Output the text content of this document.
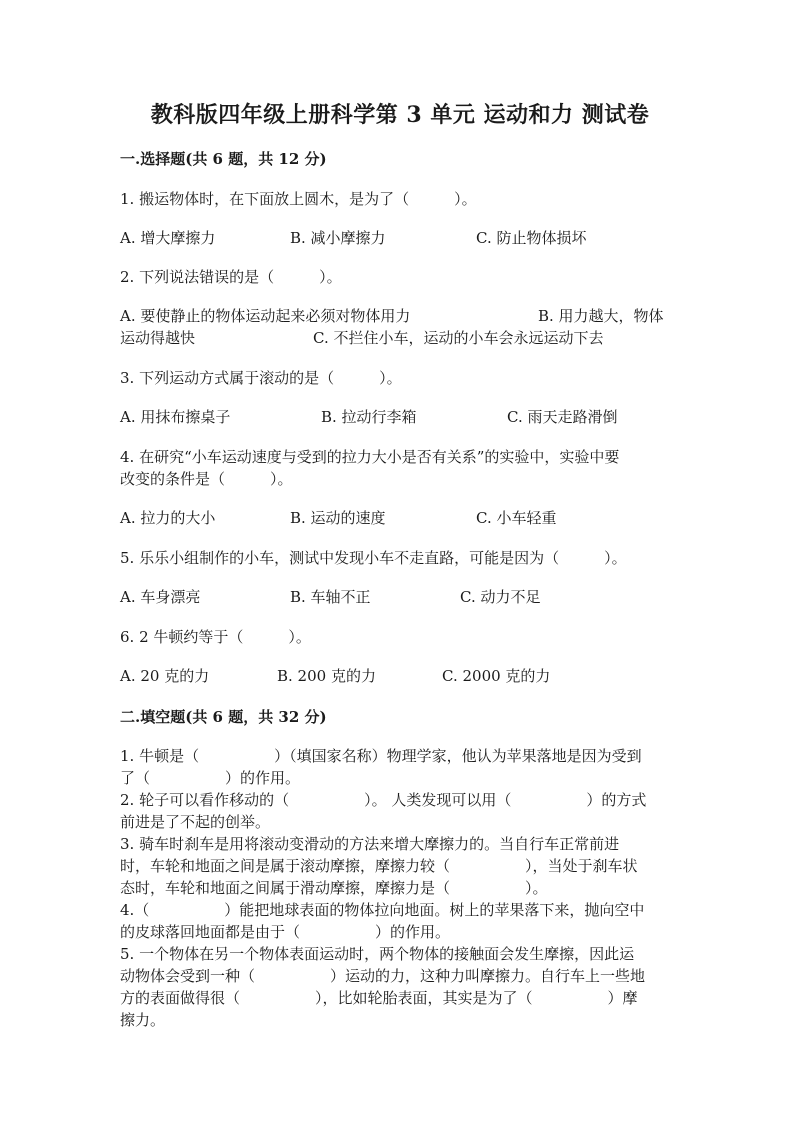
教科版四年级上册科学第 3 单元 运动和力 测试卷
一.选择题(共 6 题，共 12 分)
1. 搬运物体时，在下面放上圆木，是为了（　　　）。
A. 增大摩擦力	B. 减小摩擦力	C. 防止物体损坏
2. 下列说法错误的是（　　　）。
A. 要使静止的物体运动起来必须对物体用力	B. 用力越大，物体
运动得越快	C. 不拦住小车，运动的小车会永远运动下去
3. 下列运动方式属于滚动的是（　　　）。
A. 用抹布擦桌子	B. 拉动行李箱	C. 雨天走路滑倒
4. 在研究“小车运动速度与受到的拉力大小是否有关系”的实验中，实验中要
改变的条件是（　　　）。
A. 拉力的大小	B. 运动的速度	C. 小车轻重
5. 乐乐小组制作的小车，测试中发现小车不走直路，可能是因为（　　　）。
A. 车身漂亮	B. 车轴不正	C. 动力不足
6. 2 牛顿约等于（　　　）。
A. 20 克的力	B. 200 克的力	C. 2000 克的力
二.填空题(共 6 题，共 32 分)
1. 牛顿是（　　　　　）（填国家名称）物理学家，他认为苹果落地是因为受到
了（　　　　　）的作用。
2. 轮子可以看作移动的（　　　　　）。 人类发现可以用（　　　　　）的方式
前进是了不起的创举。
3. 骑车时刹车是用将滚动变滑动的方法来增大摩擦力的。当自行车正常前进
时，车轮和地面之间是属于滚动摩擦，摩擦力较（　　　　　），当处于刹车状
态时，车轮和地面之间属于滑动摩擦，摩擦力是（　　　　　）。
4.（　　　　　）能把地球表面的物体拉向地面。树上的苹果落下来，抛向空中
的皮球落回地面都是由于（　　　　　）的作用。
5. 一个物体在另一个物体表面运动时，两个物体的接触面会发生摩擦，因此运
动物体会受到一种（　　　　　）运动的力，这种力叫摩擦力。自行车上一些地
方的表面做得很（　　　　　），比如轮胎表面，其实是为了（　　　　　）摩
擦力。
